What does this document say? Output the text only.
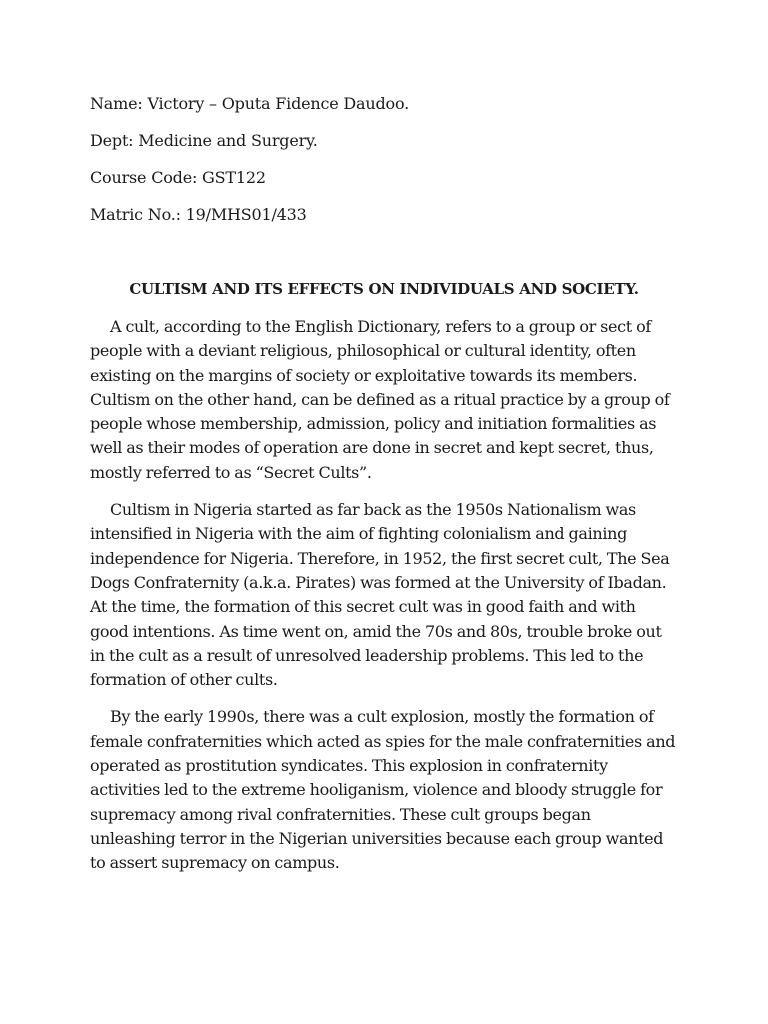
Name: Victory – Oputa Fidence Daudoo.

Dept: Medicine and Surgery.

Course Code: GST122

Matric No.: 19/MHS01/433

CULTISM AND ITS EFFECTS ON INDIVIDUALS AND SOCIETY.

A cult, according to the English Dictionary, refers to a group or sect of people with a deviant religious, philosophical or cultural identity, often existing on the margins of society or exploitative towards its members. Cultism on the other hand, can be defined as a ritual practice by a group of people whose membership, admission, policy and initiation formalities as well as their modes of operation are done in secret and kept secret, thus, mostly referred to as “Secret Cults”.

Cultism in Nigeria started as far back as the 1950s Nationalism was intensified in Nigeria with the aim of fighting colonialism and gaining independence for Nigeria. Therefore, in 1952, the first secret cult, The Sea Dogs Confraternity (a.k.a. Pirates) was formed at the University of Ibadan. At the time, the formation of this secret cult was in good faith and with good intentions. As time went on, amid the 70s and 80s, trouble broke out in the cult as a result of unresolved leadership problems. This led to the formation of other cults.

By the early 1990s, there was a cult explosion, mostly the formation of female confraternities which acted as spies for the male confraternities and operated as prostitution syndicates. This explosion in confraternity activities led to the extreme hooliganism, violence and bloody struggle for supremacy among rival confraternities. These cult groups began unleashing terror in the Nigerian universities because each group wanted to assert supremacy on campus.
